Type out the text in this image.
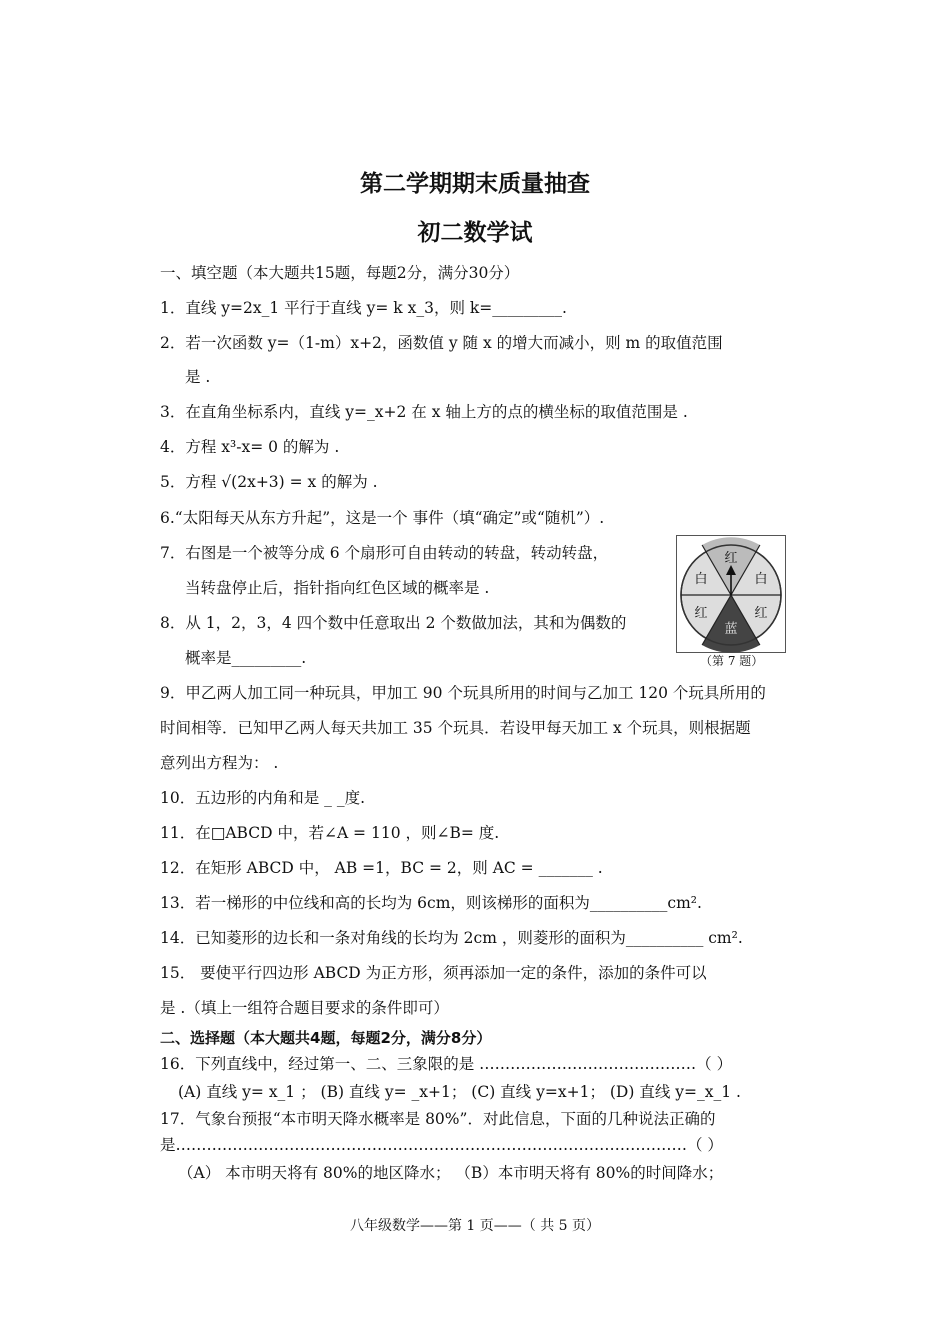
第二学期期末质量抽查
初二数学试
一、填空题（本大题共15题，每题2分，满分30分）
1．直线 y=2x_1 平行于直线 y= k x_3，则 k=_________.
2．若一次函数 y=（1-m）x+2，函数值 y 随 x 的增大而减小，则 m 的取值范围
是 .
3．在直角坐标系内，直线 y=_x+2 在 x 轴上方的点的横坐标的取值范围是 .
4．方程 x³-x= 0 的解为 .
5．方程 √(2x+3) = x 的解为 .
6.“太阳每天从东方升起”，这是一个 事件（填“确定”或“随机”）.
7．右图是一个被等分成 6 个扇形可自由转动的转盘，转动转盘，
当转盘停止后，指针指向红色区域的概率是 .
8．从 1，2，3，4 四个数中任意取出 2 个数做加法，其和为偶数的
概率是_________.
红
白	白
红	红
蓝
（第 7 题）
9．甲乙两人加工同一种玩具，甲加工 90 个玩具所用的时间与乙加工 120 个玩具所用的
时间相等．已知甲乙两人每天共加工 35 个玩具．若设甲每天加工 x 个玩具，则根据题
意列出方程为： .
10．五边形的内角和是 _ _度.
11．在□ABCD 中，若∠A = 110 ，则∠B= 度.
12．在矩形 ABCD 中， AB =1，BC = 2，则 AC = _______ .
13．若一梯形的中位线和高的长均为 6cm，则该梯形的面积为__________cm².
14．已知菱形的边长和一条对角线的长均为 2cm ，则菱形的面积为__________ cm².
15． 要使平行四边形 ABCD 为正方形，须再添加一定的条件，添加的条件可以
是 .（填上一组符合题目要求的条件即可）
二、选择题（本大题共4题，每题2分，满分8分）
16．下列直线中，经过第一、二、三象限的是 ……………………………………（ ）
(A) 直线 y= x_1 ； (B) 直线 y= _x+1； (C) 直线 y=x+1； (D) 直线 y=_x_1 .
17．气象台预报“本市明天降水概率是 80%”．对此信息，下面的几种说法正确的
是………………………………………………………………………………………（ ）
（A） 本市明天将有 80%的地区降水； （B）本市明天将有 80%的时间降水；
八年级数学——第 1 页——（ 共 5 页）
